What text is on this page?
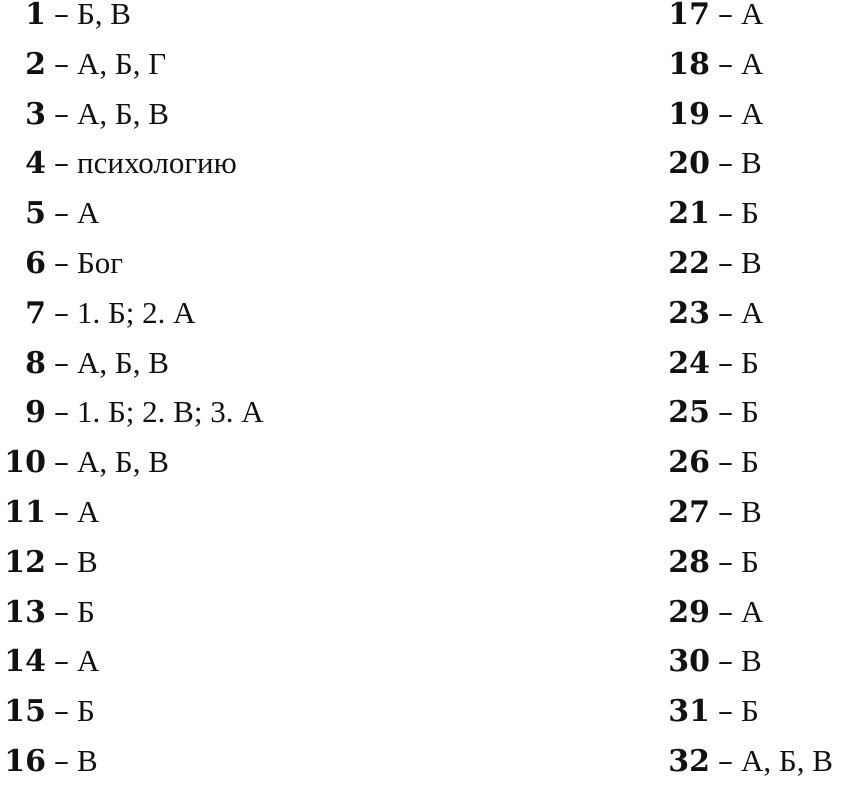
1 – Б, В
2 – А, Б, Г
3 – А, Б, В
4 – психологию
5 – А
6 – Бог
7 – 1. Б; 2. А
8 – А, Б, В
9 – 1. Б; 2. В; 3. А
10 – А, Б, В
11 – А
12 – В
13 – Б
14 – А
15 – Б
16 – В
17 – А
18 – А
19 – А
20 – В
21 – Б
22 – В
23 – А
24 – Б
25 – Б
26 – Б
27 – В
28 – Б
29 – А
30 – В
31 – Б
32 – А, Б, В
